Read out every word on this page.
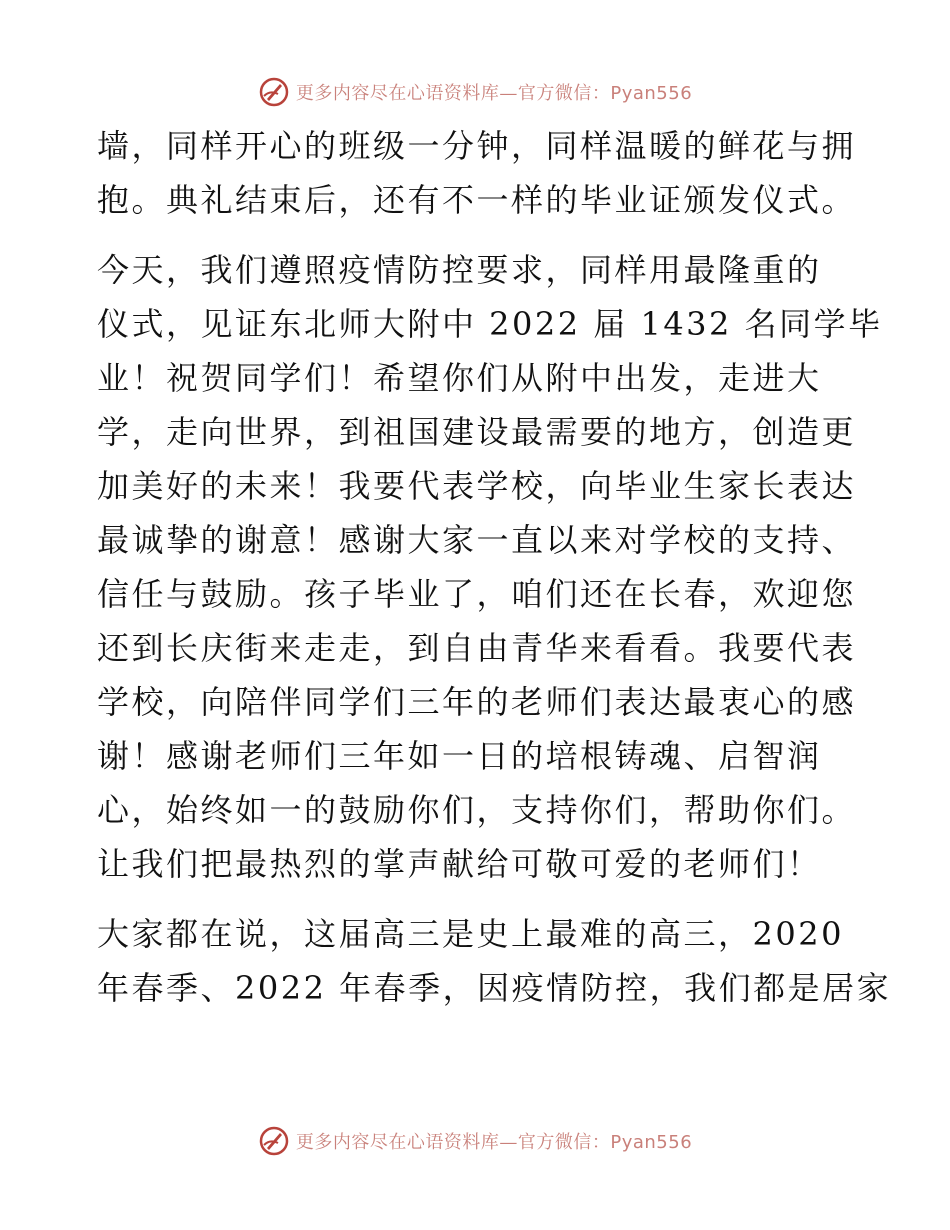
更多内容尽在心语资料库—官方微信：Pyan556
墙，同样开心的班级一分钟，同样温暖的鲜花与拥
抱。典礼结束后，还有不一样的毕业证颁发仪式。
今天，我们遵照疫情防控要求，同样用最隆重的
仪式，见证东北师大附中 2022 届 1432 名同学毕
业！祝贺同学们！希望你们从附中出发，走进大
学，走向世界，到祖国建设最需要的地方，创造更
加美好的未来！我要代表学校，向毕业生家长表达
最诚挚的谢意！感谢大家一直以来对学校的支持、
信任与鼓励。孩子毕业了，咱们还在长春，欢迎您
还到长庆街来走走，到自由青华来看看。我要代表
学校，向陪伴同学们三年的老师们表达最衷心的感
谢！感谢老师们三年如一日的培根铸魂、启智润
心，始终如一的鼓励你们，支持你们，帮助你们。
让我们把最热烈的掌声献给可敬可爱的老师们！
大家都在说，这届高三是史上最难的高三，2020
年春季、2022 年春季，因疫情防控，我们都是居家
更多内容尽在心语资料库—官方微信：Pyan556
